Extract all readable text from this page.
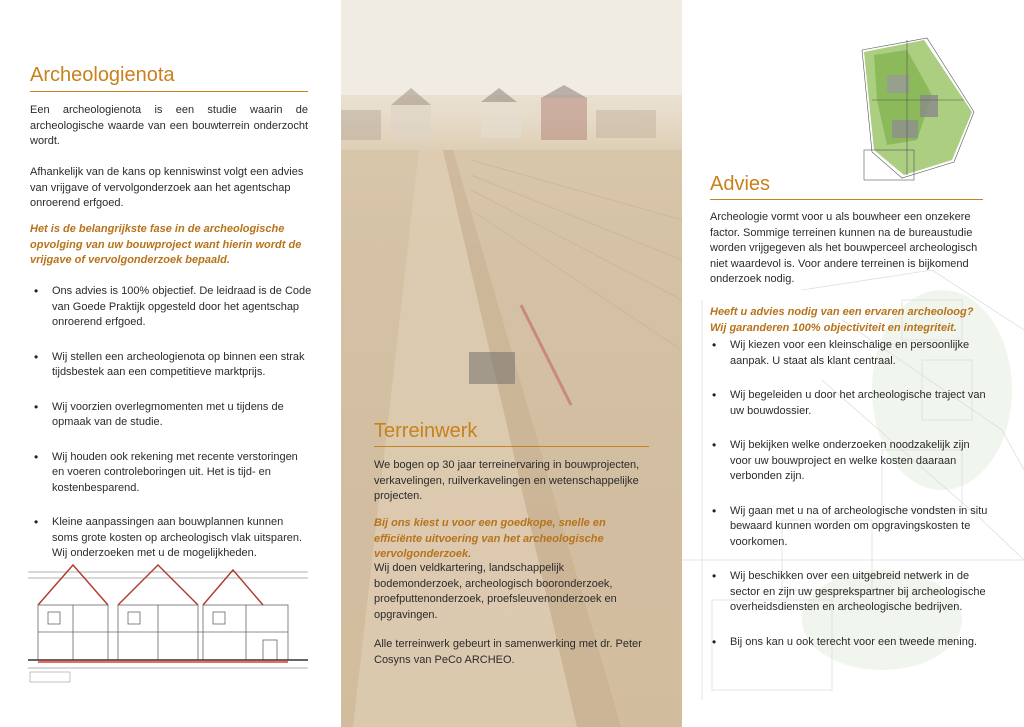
Archeologienota

Een archeologienota is een studie waarin de archeologische waarde van een bouwterrein onderzocht wordt.

Afhankelijk van de kans op kenniswinst volgt een advies van vrijgave of vervolgonderzoek aan het agentschap onroerend erfgoed.

Het is de belangrijkste fase in de archeologische opvolging van uw bouwproject want hierin wordt de vrijgave of vervolgonderzoek bepaald.

• Ons advies is 100% objectief. De leidraad is de Code van Goede Praktijk opgesteld door het agentschap onroerend erfgoed.
• Wij stellen een archeologienota op binnen een strak tijdsbestek aan een competitieve marktprijs.
• Wij voorzien overlegmomenten met u tijdens de opmaak van de studie.
• Wij houden ook rekening met recente verstoringen en voeren controleboringen uit. Het is tijd- en kostenbesparend.
• Kleine aanpassingen aan bouwplannen kunnen soms grote kosten op archeologisch vlak uitsparen. Wij onderzoeken met u de mogelijkheden.
Terreinwerk

We bogen op 30 jaar terreinervaring in bouwprojecten, verkavelingen, ruilverkavelingen en wetenschappelijke projecten.

Bij ons kiest u voor een goedkope, snelle en efficiënte uitvoering van het archeologische vervolgonderzoek.

Wij doen veldkartering, landschappelijk bodemonderzoek, archeologisch booronderzoek, proefputtenonderzoek, proefsleuvenonderzoek en opgravingen.

Alle terreinwerk gebeurt in samenwerking met dr. Peter Cosyns van PeCo ARCHEO.

Advies

Archeologie vormt voor u als bouwheer een onzekere factor. Sommige terreinen kunnen na de bureaustudie worden vrijgegeven als het bouwperceel archeologisch niet waardevol is. Voor andere terreinen is bijkomend onderzoek nodig.

Heeft u advies nodig van een ervaren archeoloog? Wij garanderen 100% objectiviteit en integriteit.

• Wij kiezen voor een kleinschalige en persoonlijke aanpak. U staat als klant centraal.
• Wij begeleiden u door het archeologische traject van uw bouwdossier.
• Wij bekijken welke onderzoeken noodzakelijk zijn voor uw bouwproject en welke kosten daaraan verbonden zijn.
• Wij gaan met u na of archeologische vondsten in situ bewaard kunnen worden om opgravingskosten te voorkomen.
• Wij beschikken over een uitgebreid netwerk in de sector en zijn uw gesprekspartner bij archeologische overheidsdiensten en archeologische bedrijven.
• Bij ons kan u ook terecht voor een tweede mening.
